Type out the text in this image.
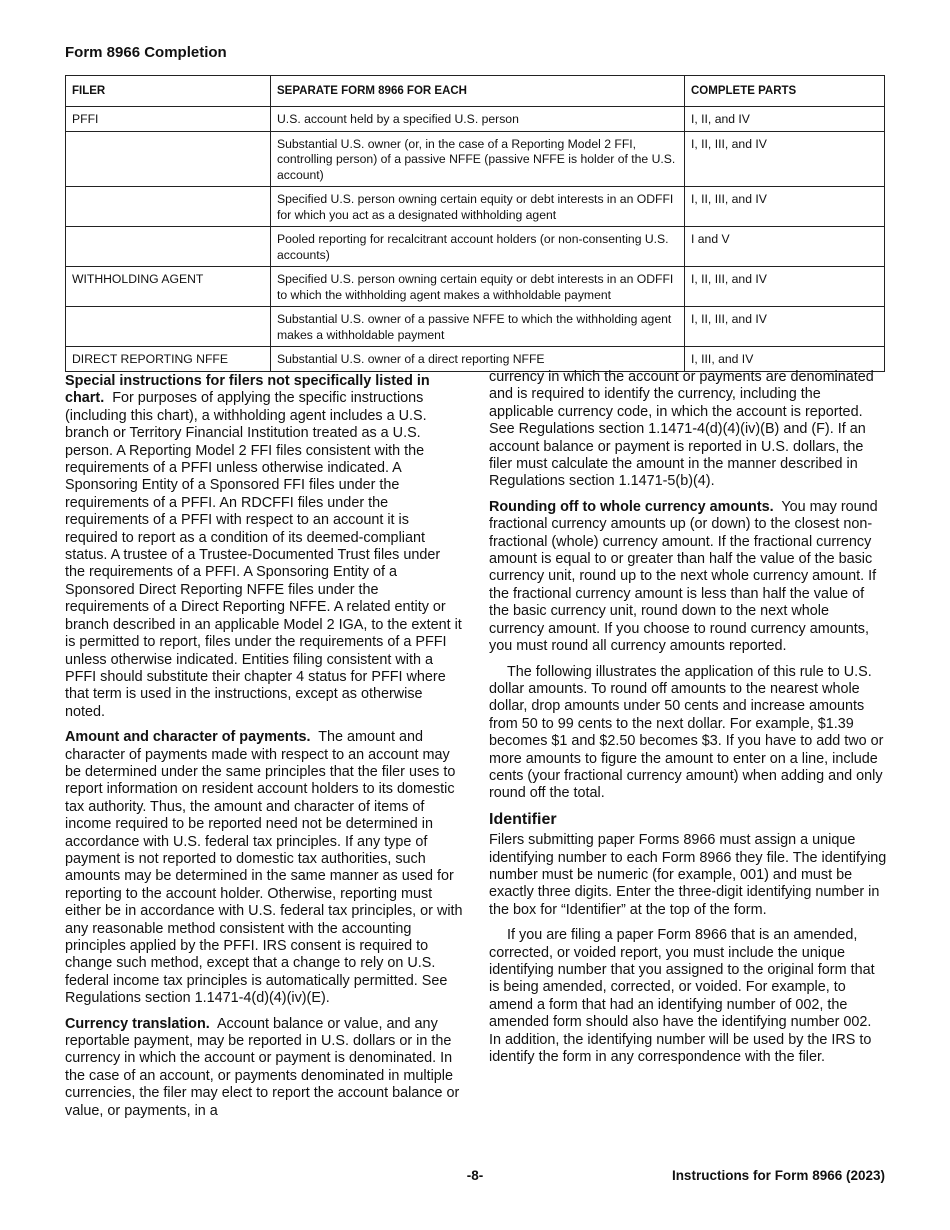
Form 8966 Completion
FILER	SEPARATE FORM 8966 FOR EACH	COMPLETE PARTS
PFFI	U.S. account held by a specified U.S. person	I, II, and IV
	Substantial U.S. owner (or, in the case of a Reporting Model 2 FFI, controlling person) of a passive NFFE (passive NFFE is holder of the U.S. account)	I, II, III, and IV
	Specified U.S. person owning certain equity or debt interests in an ODFFI for which you act as a designated withholding agent	I, II, III, and IV
	Pooled reporting for recalcitrant account holders (or non-consenting U.S. accounts)	I and V
WITHHOLDING AGENT	Specified U.S. person owning certain equity or debt interests in an ODFFI to which the withholding agent makes a withholdable payment	I, II, III, and IV
	Substantial U.S. owner of a passive NFFE to which the withholding agent makes a withholdable payment	I, II, III, and IV
DIRECT REPORTING NFFE	Substantial U.S. owner of a direct reporting NFFE	I, III, and IV

Special instructions for filers not specifically listed in chart. For purposes of applying the specific instructions (including this chart), a withholding agent includes a U.S. branch or Territory Financial Institution treated as a U.S. person. A Reporting Model 2 FFI files consistent with the requirements of a PFFI unless otherwise indicated. A Sponsoring Entity of a Sponsored FFI files under the requirements of a PFFI. An RDCFFI files under the requirements of a PFFI with respect to an account it is required to report as a condition of its deemed-compliant status. A trustee of a Trustee-Documented Trust files under the requirements of a PFFI. A Sponsoring Entity of a Sponsored Direct Reporting NFFE files under the requirements of a Direct Reporting NFFE. A related entity or branch described in an applicable Model 2 IGA, to the extent it is permitted to report, files under the requirements of a PFFI unless otherwise indicated. Entities filing consistent with a PFFI should substitute their chapter 4 status for PFFI where that term is used in the instructions, except as otherwise noted.

Amount and character of payments. The amount and character of payments made with respect to an account may be determined under the same principles that the filer uses to report information on resident account holders to its domestic tax authority. Thus, the amount and character of items of income required to be reported need not be determined in accordance with U.S. federal tax principles. If any type of payment is not reported to domestic tax authorities, such amounts may be determined in the same manner as used for reporting to the account holder. Otherwise, reporting must either be in accordance with U.S. federal tax principles, or with any reasonable method consistent with the accounting principles applied by the PFFI. IRS consent is required to change such method, except that a change to rely on U.S. federal income tax principles is automatically permitted. See Regulations section 1.1471-4(d)(4)(iv)(E).

Currency translation. Account balance or value, and any reportable payment, may be reported in U.S. dollars or in the currency in which the account or payment is denominated. In the case of an account, or payments denominated in multiple currencies, the filer may elect to report the account balance or value, or payments, in a

currency in which the account or payments are denominated and is required to identify the currency, including the applicable currency code, in which the account is reported. See Regulations section 1.1471-4(d)(4)(iv)(B) and (F). If an account balance or payment is reported in U.S. dollars, the filer must calculate the amount in the manner described in Regulations section 1.1471-5(b)(4).

Rounding off to whole currency amounts. You may round fractional currency amounts up (or down) to the closest non-fractional (whole) currency amount. If the fractional currency amount is equal to or greater than half the value of the basic currency unit, round up to the next whole currency amount. If the fractional currency amount is less than half the value of the basic currency unit, round down to the next whole currency amount. If you choose to round currency amounts, you must round all currency amounts reported.

The following illustrates the application of this rule to U.S. dollar amounts. To round off amounts to the nearest whole dollar, drop amounts under 50 cents and increase amounts from 50 to 99 cents to the next dollar. For example, $1.39 becomes $1 and $2.50 becomes $3. If you have to add two or more amounts to figure the amount to enter on a line, include cents (your fractional currency amount) when adding and only round off the total.

Identifier

Filers submitting paper Forms 8966 must assign a unique identifying number to each Form 8966 they file. The identifying number must be numeric (for example, 001) and must be exactly three digits. Enter the three-digit identifying number in the box for “Identifier” at the top of the form.

If you are filing a paper Form 8966 that is an amended, corrected, or voided report, you must include the unique identifying number that you assigned to the original form that is being amended, corrected, or voided. For example, to amend a form that had an identifying number of 002, the amended form should also have the identifying number 002. In addition, the identifying number will be used by the IRS to identify the form in any correspondence with the filer.

-8-	Instructions for Form 8966 (2023)
